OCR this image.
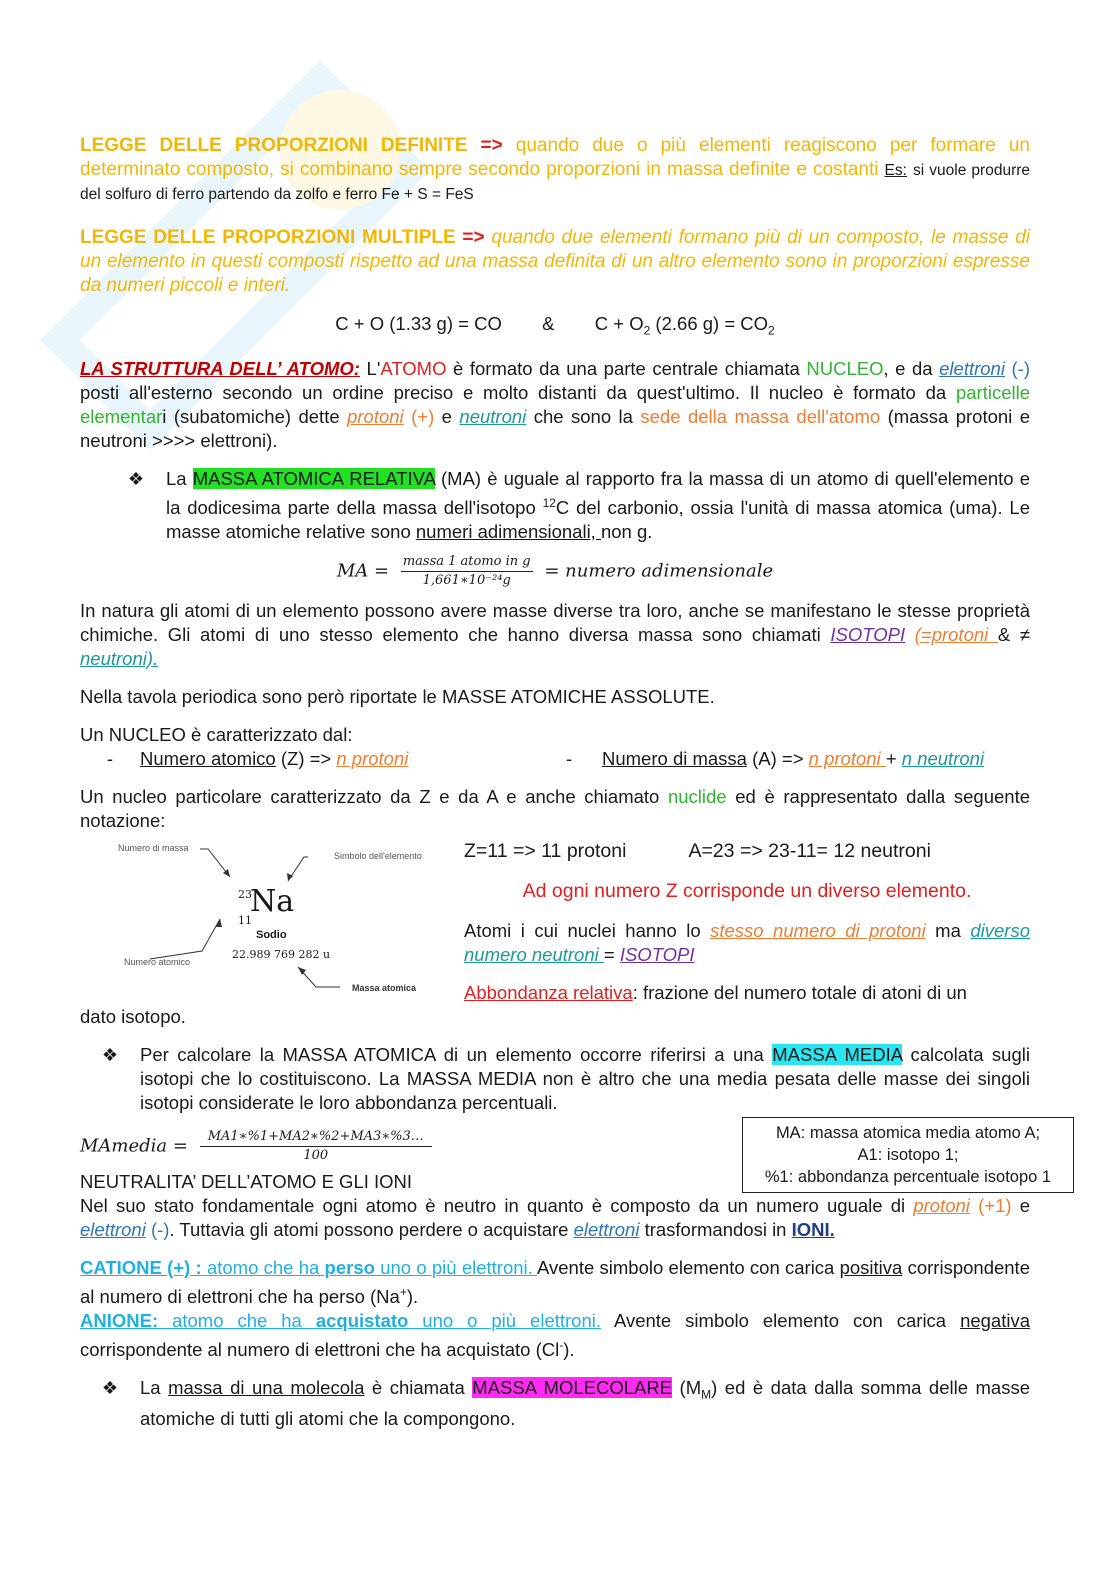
LEGGE DELLE PROPORZIONI DEFINITE => quando due o più elementi reagiscono per formare un determinato composto, si combinano sempre secondo proporzioni in massa definite e costanti Es: si vuole produrre del solfuro di ferro partendo da zolfo e ferro Fe + S = FeS

LEGGE DELLE PROPORZIONI MULTIPLE => quando due elementi formano più di un composto, le masse di un elemento in questi composti rispetto ad una massa definita di un altro elemento sono in proporzioni espresse da numeri piccoli e interi.

C + O (1.33 g) = CO & $C + O_2$ (2.66 $g) = CO_2$

LA STRUTTURA DELL’ ATOMO: L'ATOMO è formato da una parte centrale chiamata NUCLEO, e da elettroni (-) posti all'esterno secondo un ordine preciso e molto distanti da quest'ultimo. Il nucleo è formato da particelle elementari (subatomiche) dette protoni (+) e neutroni che sono la sede della massa dell'atomo (massa protoni e neutroni >>>> elettroni).

❖	La MASSA ATOMICA RELATIVA (MA) è uguale al rapporto fra la massa di un atomo di quell'elemento e la dodicesima parte della massa dell'isotopo $^{12}$C del carbonio, ossia l'unità di massa atomica (uma). Le masse atomiche relative sono numeri adimensionali, non g.

MA = $\frac{\text{massa 1 atomo in g}}{\text{1,661∗10⁻²⁴g}}$ = numero adimensionale

In natura gli atomi di un elemento possono avere masse diverse tra loro, anche se manifestano le stesse proprietà chimiche. Gli atomi di uno stesso elemento che hanno diversa massa sono chiamati ISOTOPI (=protoni & ≠ neutroni).

Nella tavola periodica sono però riportate le MASSE ATOMICHE ASSOLUTE.

Un NUCLEO è caratterizzato dal:

-	Numero atomico (Z) => n protoni	-	Numero di massa (A) => n protoni + n neutroni

Un nucleo particolare caratterizzato da Z e da A e anche chiamato nuclide ed è rappresentato dalla seguente notazione:

Numero di massa
Simbolo dell'elemento
Numero atomico
Massa atomica
23
11
Na
Sodio
22.989 769 282 u

Z=11 => 11 protoni	A=23 => 23-11= 12 neutroni

Ad ogni numero Z corrisponde un diverso elemento.

Atomi i cui nuclei hanno lo stesso numero di protoni ma diverso numero neutroni = ISOTOPI

Abbondanza relativa: frazione del numero totale di atoni di un

dato isotopo.

❖	Per calcolare la MASSA ATOMICA di un elemento occorre riferirsi a una MASSA MEDIA calcolata sugli isotopi che lo costituiscono. La MASSA MEDIA non è altro che una media pesata delle masse dei singoli isotopi considerate le loro abbondanza percentuali.

MAmedia = $\frac{MA1∗\%1+MA2∗\%2+MA3∗\%3\dots}{100}$

NEUTRALITA’ DELL’ATOMO E GLI IONI

Nel suo stato fondamentale ogni atomo è neutro in quanto è composto da un numero uguale di protoni (+1) e elettroni (-). Tuttavia gli atomi possono perdere o acquistare elettroni trasformandosi in IONI.

CATIONE (+) : atomo che ha perso uno o più elettroni. Avente simbolo elemento con carica positiva corrispondente al numero di elettroni che ha perso (Na+).

ANIONE: atomo che ha acquistato uno o più elettroni. Avente simbolo elemento con carica negativa corrispondente al numero di elettroni che ha acquistato (Cl-).

❖	La massa di una molecola è chiamata MASSA MOLECOLARE $(M_M)$ ed è data dalla somma delle masse atomiche di tutti gli atomi che la compongono.

MA: massa atomica media atomo A;
A1: isotopo 1;
%1: abbondanza percentuale isotopo 1
